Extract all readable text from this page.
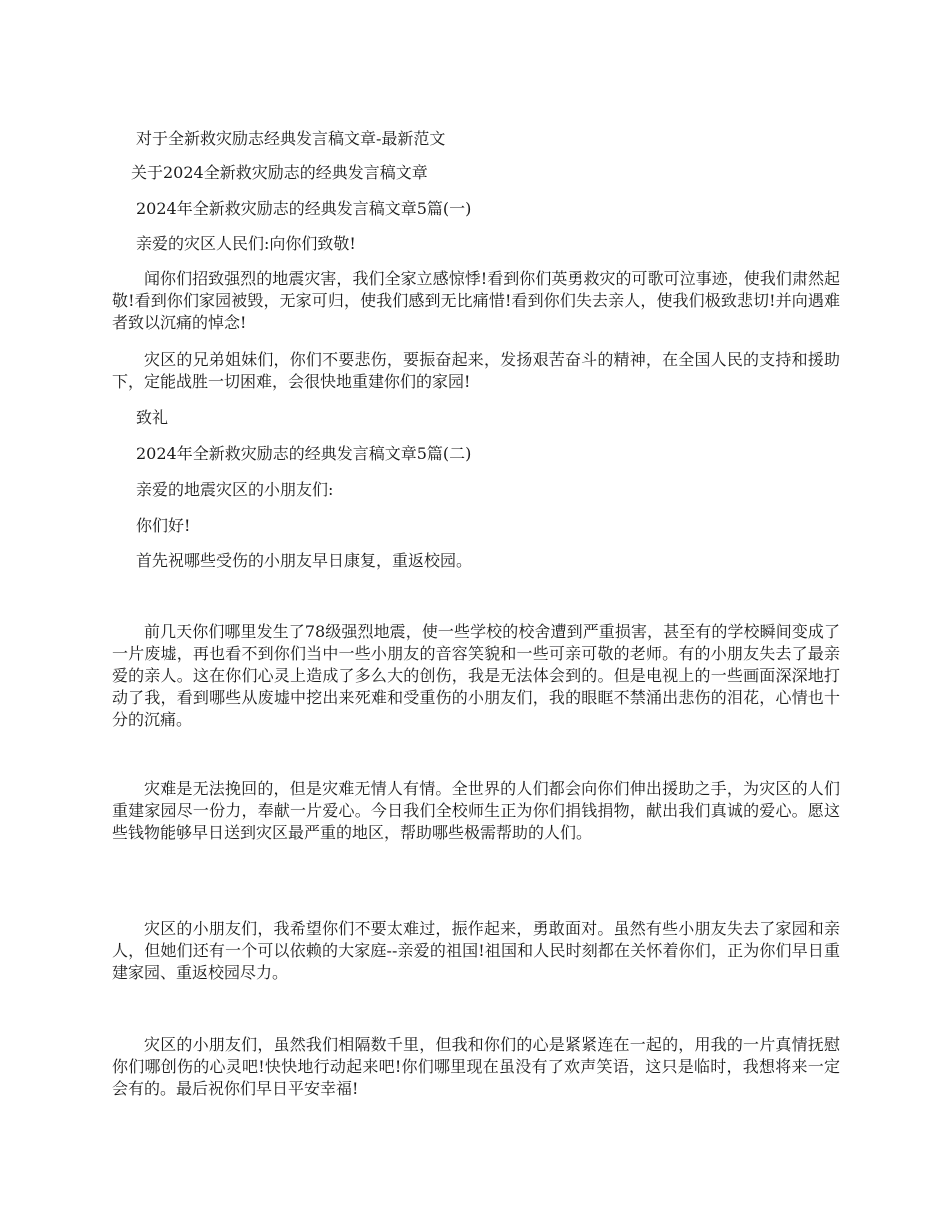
对于全新救灾励志经典发言稿文章-最新范文

关于2024全新救灾励志的经典发言稿文章

2024年全新救灾励志的经典发言稿文章5篇(一)

亲爱的灾区人民们:向你们致敬!

闻你们招致强烈的地震灾害，我们全家立感惊悸!看到你们英勇救灾的可歌可泣事迹，使我们肃然起敬!看到你们家园被毁，无家可归，使我们感到无比痛惜!看到你们失去亲人，使我们极致悲切!并向遇难者致以沉痛的悼念!

灾区的兄弟姐妹们，你们不要悲伤，要振奋起来，发扬艰苦奋斗的精神，在全国人民的支持和援助下，定能战胜一切困难，会很快地重建你们的家园!

致礼

2024年全新救灾励志的经典发言稿文章5篇(二)

亲爱的地震灾区的小朋友们:

你们好!

首先祝哪些受伤的小朋友早日康复，重返校园。

前几天你们哪里发生了78级强烈地震，使一些学校的校舍遭到严重损害，甚至有的学校瞬间变成了一片废墟，再也看不到你们当中一些小朋友的音容笑貌和一些可亲可敬的老师。有的小朋友失去了最亲爱的亲人。这在你们心灵上造成了多么大的创伤，我是无法体会到的。但是电视上的一些画面深深地打动了我，看到哪些从废墟中挖出来死难和受重伤的小朋友们，我的眼眶不禁涌出悲伤的泪花，心情也十分的沉痛。

灾难是无法挽回的，但是灾难无情人有情。全世界的人们都会向你们伸出援助之手，为灾区的人们重建家园尽一份力，奉献一片爱心。今日我们全校师生正为你们捐钱捐物，献出我们真诚的爱心。愿这些钱物能够早日送到灾区最严重的地区，帮助哪些极需帮助的人们。

灾区的小朋友们，我希望你们不要太难过，振作起来，勇敢面对。虽然有些小朋友失去了家园和亲人，但她们还有一个可以依赖的大家庭--亲爱的祖国!祖国和人民时刻都在关怀着你们，正为你们早日重建家园、重返校园尽力。

灾区的小朋友们，虽然我们相隔数千里，但我和你们的心是紧紧连在一起的，用我的一片真情抚慰你们哪创伤的心灵吧!快快地行动起来吧!你们哪里现在虽没有了欢声笑语，这只是临时，我想将来一定会有的。最后祝你们早日平安幸福!
